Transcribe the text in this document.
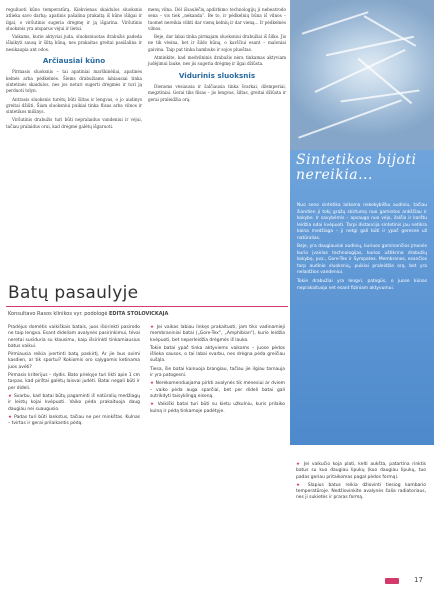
reguliuoti kūno temperatūrą. Kiekvienas skaidulos sluoksnis atlieka savo darbą: apatinis pašalina prakaitą iš kūno išilgai ir ilgai, o viršutinis sugeria drėgmę ir ją išgarina. Viršutinis sluoksnis yra atsparus vėjui ir lietui.

Vaikams, kurie aktyviai juda, sluoksniuotas drabužis padeda išlaikyti sausą ir šiltą kūną, nes prakaitas greitai pasišalina ir nesikaupia ant odos.

Arčiausiai kūno

Pirmasis sluoksnis – tai apatiniai marškinėliai, apatinės kelnės arba pėdkelnės. Šiems drabužiams labiausiai tinka sintetinės skaidulos, nes jos neturi sugerti drėgmės ir turi ją perduoti tolyn.

Antrasis sluoksnis turėtų būti šiltas ir lengvas, o jo audinys greitai džiūti. Šiam sluoksniui puikiai tinka flisas arba vilnos ir sintetikos mišinys.

Viršutinis drabužis turi būti nepralaidus vandeniui ir vėjui, tačiau pralaidus orui, kad drėgmė galėtų išgaruoti.

menų vilna. Dėl išsaulėčių apdirbimo technologijų ji nebeatrodo sena – vis tiek „nekanda“. Be to, ir pėdkelnių būna iš vilnos – tuomet nereikia vilkti dar vienų kelnių ir dar vieną... Ir pėdkelnės vilnos.

Beje, dar labai tinka pirmajam sluoksniui drabužiai iš šilko. Jis ne tik vėsina, bet ir šildo kūną, o karščiui esant – maloniai gaivina. Taip pat tinka bambuko ir sojos pluoštas.

Atminkite, kad medvilninis drabužis nėra tinkamas aktyviam judėjimui lauke, nes jis sugeria drėgmę ir ilgai džiūsta.

Vidurinis sluoksnis

Dienoms vėsiausia ir šalčiausia tinka švarkai, džemperiai, megztiniai. Gerai tiks flisas – jis lengvas, šiltas, greitai džiūsta ir gerai praleidžia orą.

Sintetikos bijoti nereikia...

Nuo seno sintetika laikoma nekokybišku audiniu, tačiau šiandien ji tokį gražų skirtumą nuo gamintos ankščiau ir kokybe. Ir savybėmis – apsaugo nuo vėjo, šalčio ir karštu leidžia odai kvėpuoti. Tarpi distancija sintetinis jau netikra kaina medžiaga – ji netgi gali būti ir ypač geresnė už natūralias.

Beje, yra daugiausiai audinių, kuriuos gaminančios įmonės kuria įvairias technologijas, kurios užtikrina drabužių kokybę, pvz., Gore-Tex ir Sympatex. Membranos, esančios tarp audinio sluoksnių, puikiai praleidžia orą, bet yra nelaidžios vandeniui.

Tokie drabužiai yra lengvi, patogūs, o juose kūnas neprakaituoja net esant fiziniam aktyvumui.

Batų pasaulyje
Konsultavo Rasos klinikos vyr. podologė EDITA STOLOVICKAJA

Pradėjus domėtis vaikiškais batais, juos išsirinkti pasirodo ne taip lengva. Esant dideliam avalynės pasirinkimui, tėvai neretai susiduria su klausimu, kaip išsirinkti tinkamiausius batus vaikui.

Pirmiausia reikia įvertinti batų paskirtį. Ar jie bus avimi kasdien, ar tik sportui? Kokiomis oro sąlygomis ketinama juos avėti?

Pirmasis kriterijus – dydis. Bato priekyje turi likti apie 1 cm tarpas, kad pirštai galėtų laisvai judėti. Batai negali būti ir per dideli.

★ Svarbu, kad batai būtų pagaminti iš natūralių medžiagų ir leistų kojai kvėpuoti. Vaiko pėda prakaituoja daug daugiau nei suaugusio.

★ Padas turi būti lankstus, tačiau ne per minkštas. Kulnas – tvirtas ir gerai prilaikantis pėdą.

★ Jei vaikas labiau linkęs prakaituoti, jam tiks vadinamieji membraniniai batai („Gore-Tex“, „Amphibian“), kurie leidžia kvėpuoti, bet neperleidžia drėgmės iš lauko.

Tokie batai ypač tinka aktyviems vaikams – juose pėdos išlieka sausos, o tai labai svarbu, nes drėgna pėda greičiau sušąla.

Tiesa, šie batai kainuoja brangiau, tačiau jie ilgiau tarnauja ir yra patogesni.

★ Nerekomenduojama pirkti avalynės tik mėnesiui ar dviem – vaiko pėda auga sparčiai, bet per dideli batai gali sutrikdyti taisyklingą eiseną.

★ Vaikiški batai turi būti su kietu užkulniu, kuris prilaiko kulną ir pėdą tinkamoje padėtyje.

★ Jei vaikučio koja plati, kelti aukšta, patartina rinktis batus su kuo daugiau lipukų (kuo daugiau lipukų, tuo padas geriau pritaikomas pagal pėdos formą).

★ Slapius batus reikia džiovinti tiesiog kambario temperatūroje. Nedžiovinkite avalynės šalia radiatoriaus, nes ji sukietės ir praras formą.

17
